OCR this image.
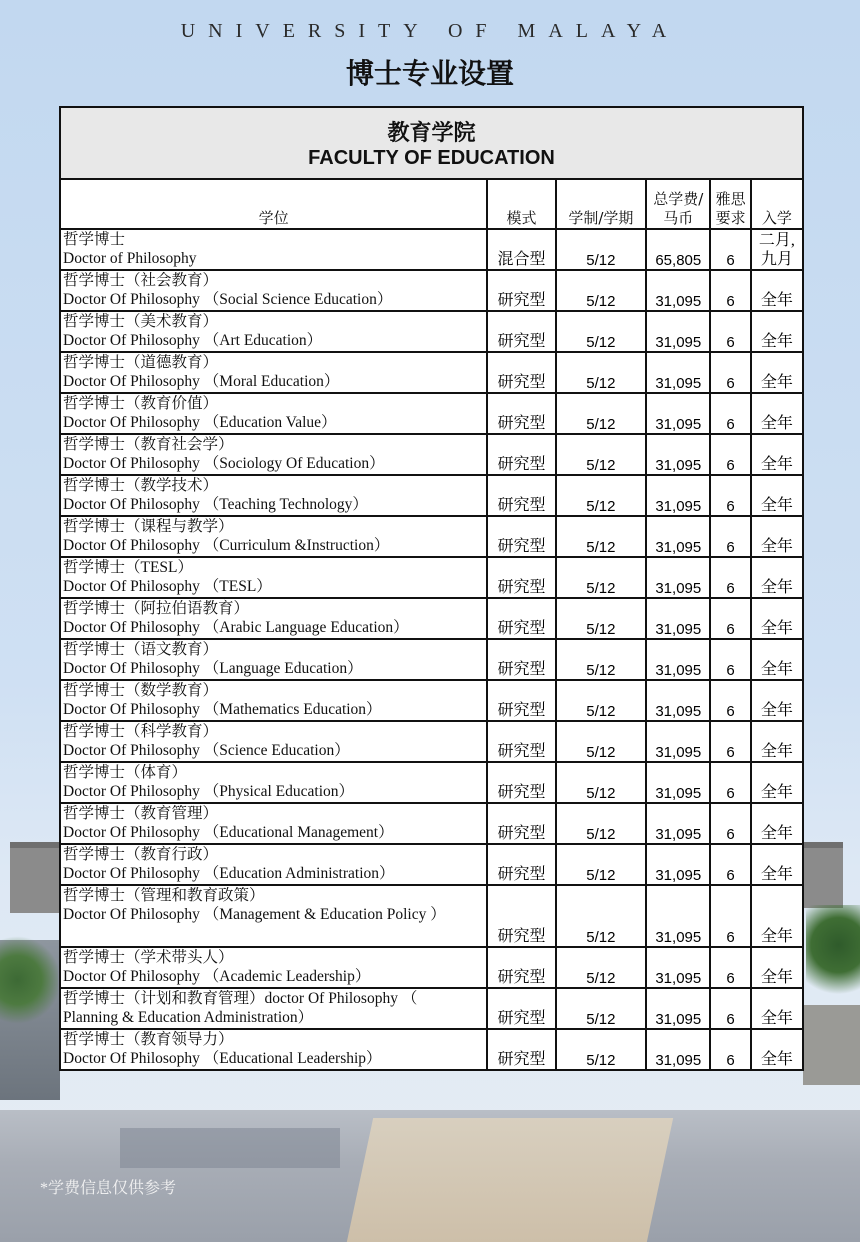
UNIVERSITY OF MALAYA
博士专业设置
教育学院
FACULTY OF EDUCATION					

学位	模式	学制/学期	总学费/马币	雅思要求	入学

哲学博士
Doctor of Philosophy	混合型	5/12	65,805	6	二月,九月

哲学博士（社会教育）
Doctor Of Philosophy （Social Science Education）	研究型	5/12	31,095	6	全年

哲学博士（美术教育）
Doctor Of Philosophy （Art Education）	研究型	5/12	31,095	6	全年

哲学博士（道德教育）
Doctor Of Philosophy （Moral Education）	研究型	5/12	31,095	6	全年

哲学博士（教育价值）
Doctor Of Philosophy （Education Value）	研究型	5/12	31,095	6	全年

哲学博士（教育社会学）
Doctor Of Philosophy （Sociology Of Education）	研究型	5/12	31,095	6	全年

哲学博士（教学技术）
Doctor Of Philosophy （Teaching Technology）	研究型	5/12	31,095	6	全年

哲学博士（课程与教学）
Doctor Of Philosophy （Curriculum &Instruction）	研究型	5/12	31,095	6	全年

哲学博士（TESL）
Doctor Of Philosophy （TESL）	研究型	5/12	31,095	6	全年

哲学博士（阿拉伯语教育）
Doctor Of Philosophy （Arabic Language Education）	研究型	5/12	31,095	6	全年

哲学博士（语文教育）
Doctor Of Philosophy （Language Education）	研究型	5/12	31,095	6	全年

哲学博士（数学教育）
Doctor Of Philosophy （Mathematics Education）	研究型	5/12	31,095	6	全年

哲学博士（科学教育）
Doctor Of Philosophy （Science Education）	研究型	5/12	31,095	6	全年

哲学博士（体育）
Doctor Of Philosophy （Physical Education）	研究型	5/12	31,095	6	全年

哲学博士（教育管理）
Doctor Of Philosophy （Educational Management）	研究型	5/12	31,095	6	全年

哲学博士（教育行政）
Doctor Of Philosophy （Education Administration）	研究型	5/12	31,095	6	全年

哲学博士（管理和教育政策）
Doctor Of Philosophy （Management & Education Policy ）	研究型	5/12	31,095	6	全年

哲学博士（学术带头人）
Doctor Of Philosophy （Academic Leadership）	研究型	5/12	31,095	6	全年

哲学博士（计划和教育管理）doctor Of Philosophy （
Planning & Education Administration）	研究型	5/12	31,095	6	全年

哲学博士（教育领导力）
Doctor Of Philosophy （Educational Leadership）	研究型	5/12	31,095	6	全年
*学费信息仅供参考
